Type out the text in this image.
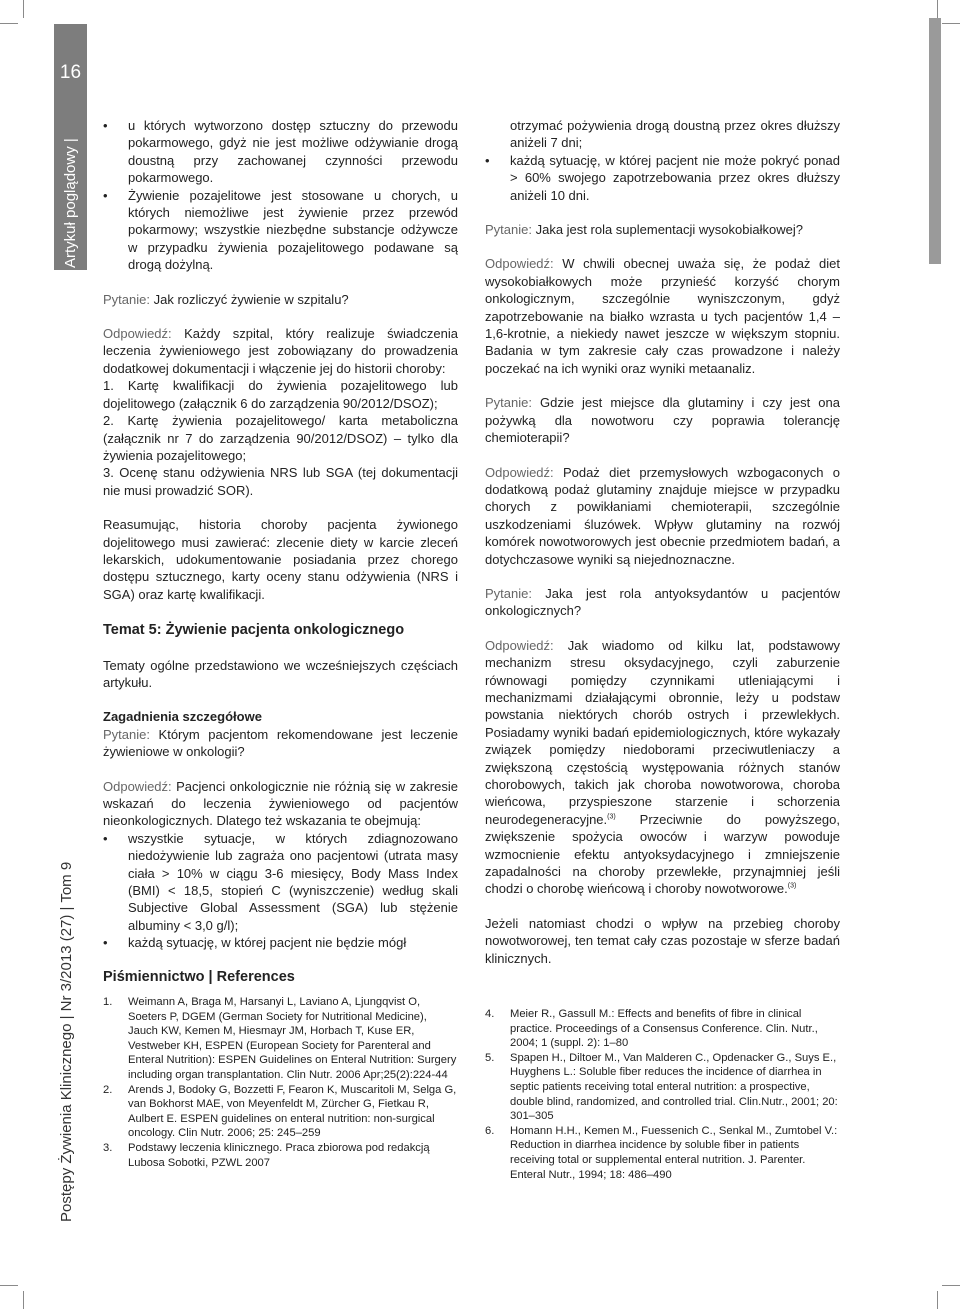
16
Artykuł poglądowy |
Postępy Żywienia Klinicznego | Nr 3/2013 (27) | Tom 9
• u których wytworzono dostęp sztuczny do przewodu pokarmowego, gdyż nie jest możliwe odżywianie drogą doustną przy zachowanej czynności przewodu pokarmowego.
• Żywienie pozajelitowe jest stosowane u chorych, u których niemożliwe jest żywienie przez przewód pokarmowy; wszystkie niezbędne substancje odżywcze w przypadku żywienia pozajelitowego podawane są drogą dożylną.

Pytanie: Jak rozliczyć żywienie w szpitalu?

Odpowiedź: Każdy szpital, który realizuje świadczenia leczenia żywieniowego jest zobowiązany do prowadzenia dodatkowej dokumentacji i włączenie jej do historii choroby:

1. Kartę kwalifikacji do żywienia pozajelitowego lub dojelitowego (załącznik 6 do zarządzenia 90/2012/DSOZ);

2. Kartę żywienia pozajelitowego/ karta metaboliczna (załącznik nr 7 do zarządzenia 90/2012/DSOZ) – tylko dla żywienia pozajelitowego;

3. Ocenę stanu odżywienia NRS lub SGA (tej dokumentacji nie musi prowadzić SOR).

Reasumując, historia choroby pacjenta żywionego dojelitowego musi zawierać: zlecenie diety w karcie zleceń lekarskich, udokumentowanie posiadania przez chorego dostępu sztucznego, karty oceny stanu odżywienia (NRS i SGA) oraz kartę kwalifikacji.

Temat 5: Żywienie pacjenta onkologicznego

Tematy ogólne przedstawiono we wcześniejszych częściach artykułu.

Zagadnienia szczegółowe

Pytanie: Którym pacjentom rekomendowane jest leczenie żywieniowe w onkologii?

Odpowiedź: Pacjenci onkologicznie nie różnią się w zakresie wskazań do leczenia żywieniowego od pacjentów nieonkologicznych. Dlatego też wskazania te obejmują:

• wszystkie sytuacje, w których zdiagnozowano niedożywienie lub zagraża ono pacjentowi (utrata masy ciała > 10% w ciągu 3-6 miesięcy, Body Mass Index (BMI) < 18,5, stopień C (wyniszczenie) według skali Subjective Global Assessment (SGA) lub stężenie albuminy < 3,0 g/l);
• każdą sytuację, w której pacjent nie będzie mógł

Piśmiennictwo | References

1. Weimann A, Braga M, Harsanyi L, Laviano A, Ljungqvist O, Soeters P, DGEM (German Society for Nutritional Medicine), Jauch KW, Kemen M, Hiesmayr JM, Horbach T, Kuse ER, Vestweber KH, ESPEN (European Society for Parenteral and Enteral Nutrition): ESPEN Guidelines on Enteral Nutrition: Surgery including organ transplantation. Clin Nutr. 2006 Apr;25(2):224-44
2. Arends J, Bodoky G, Bozzetti F, Fearon K, Muscaritoli M, Selga G, van Bokhorst MAE, von Meyenfeldt M, Zürcher G, Fietkau R, Aulbert E. ESPEN guidelines on enteral nutrition: non-surgical oncology. Clin Nutr. 2006; 25: 245–259
3. Podstawy leczenia klinicznego. Praca zbiorowa pod redakcją Lubosa Sobotki, PZWL 2007

otrzymać pożywienia drogą doustną przez okres dłuższy aniżeli 7 dni;

• każdą sytuację, w której pacjent nie może pokryć ponad > 60% swojego zapotrzebowania przez okres dłuższy aniżeli 10 dni.

Pytanie: Jaka jest rola suplementacji wysokobiałkowej?

Odpowiedź: W chwili obecnej uważa się, że podaż diet wysokobiałkowych może przynieść korzyść chorym onkologicznym, szczególnie wyniszczonym, gdyż zapotrzebowanie na białko wzrasta u tych pacjentów 1,4 – 1,6-krotnie, a niekiedy nawet jeszcze w większym stopniu. Badania w tym zakresie cały czas prowadzone i należy poczekać na ich wyniki oraz wyniki metaanaliz.

Pytanie: Gdzie jest miejsce dla glutaminy i czy jest ona pożywką dla nowotworu czy poprawia tolerancję chemioterapii?

Odpowiedź: Podaż diet przemysłowych wzbogaconych o dodatkową podaż glutaminy znajduje miejsce w przypadku chorych z powikłaniami chemioterapii, szczególnie uszkodzeniami śluzówek. Wpływ glutaminy na rozwój komórek nowotworowych jest obecnie przedmiotem badań, a dotychczasowe wyniki są niejednoznaczne.

Pytanie: Jaka jest rola antyoksydantów u pacjentów onkologicznych?

Odpowiedź: Jak wiadomo od kilku lat, podstawowy mechanizm stresu oksydacyjnego, czyli zaburzenie równowagi pomiędzy czynnikami utleniającymi i mechanizmami działającymi obronnie, leży u podstaw powstania niektórych chorób ostrych i przewlekłych. Posiadamy wyniki badań epidemiologicznych, które wykazały związek pomiędzy niedoborami przeciwutleniaczy a zwiększoną częstością występowania różnych stanów chorobowych, takich jak choroba nowotworowa, choroba wieńcowa, przyspieszone starzenie i schorzenia neurodegeneracyjne.$^{(3)}$ Przeciwnie do powyższego, zwiększenie spożycia owoców i warzyw powoduje wzmocnienie efektu antyoksydacyjnego i zmniejszenie zapadalności na choroby przewlekłe, przynajmniej jeśli chodzi o chorobę wieńcową i choroby nowotworowe.$^{(3)}$

Jeżeli natomiast chodzi o wpływ na przebieg choroby nowotworowej, ten temat cały czas pozostaje w sferze badań klinicznych.

4. Meier R., Gassull M.: Effects and benefits of fibre in clinical practice. Proceedings of a Consensus Conference. Clin. Nutr., 2004; 1 (suppl. 2): 1–80
5. Spapen H., Diltoer M., Van Malderen C., Opdenacker G., Suys E., Huyghens L.: Soluble fiber reduces the incidence of diarrhea in septic patients receiving total enteral nutrition: a prospective, double blind, randomized, and controlled trial. Clin.Nutr., 2001; 20: 301–305
6. Homann H.H., Kemen M., Fuessenich C., Senkal M., Zumtobel V.: Reduction in diarrhea incidence by soluble fiber in patients receiving total or supplemental enteral nutrition. J. Parenter. Enteral Nutr., 1994; 18: 486–490
